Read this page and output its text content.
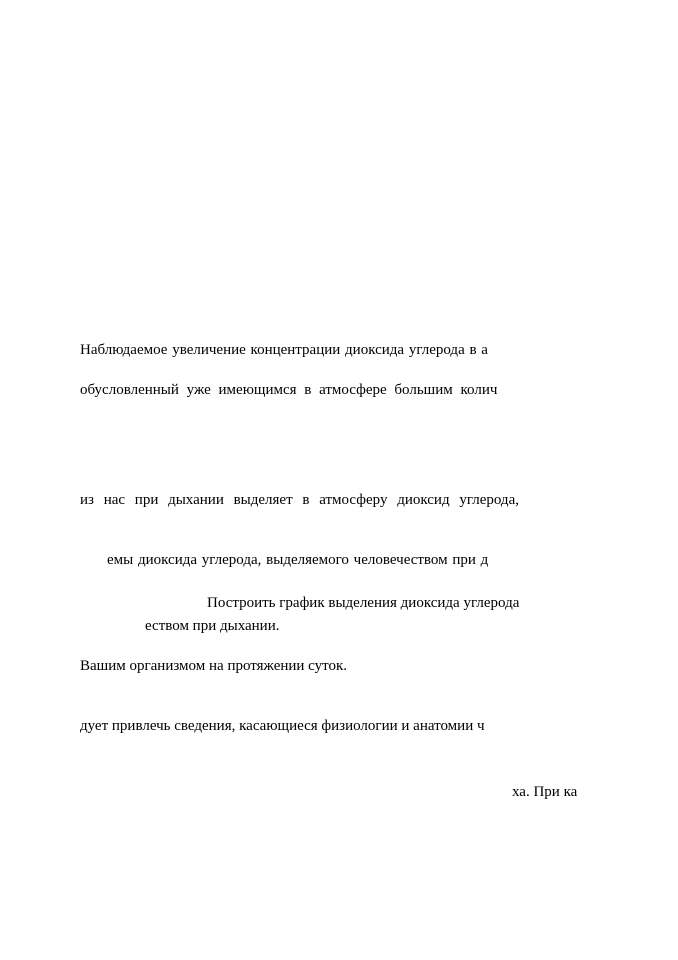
Наблюдаемое увеличение концентрации диоксида углерода в а
обусловленный уже имеющимся в атмосфере большим колич
из нас при дыхании выделяет в атмосферу диоксид углерода,
емы диоксида углерода, выделяемого человечеством при д
Построить график выделения диоксида углерода
еством при дыхании.
Вашим организмом на протяжении суток.
дует привлечь сведения, касающиеся физиологии и анатомии ч
ха. При ка
